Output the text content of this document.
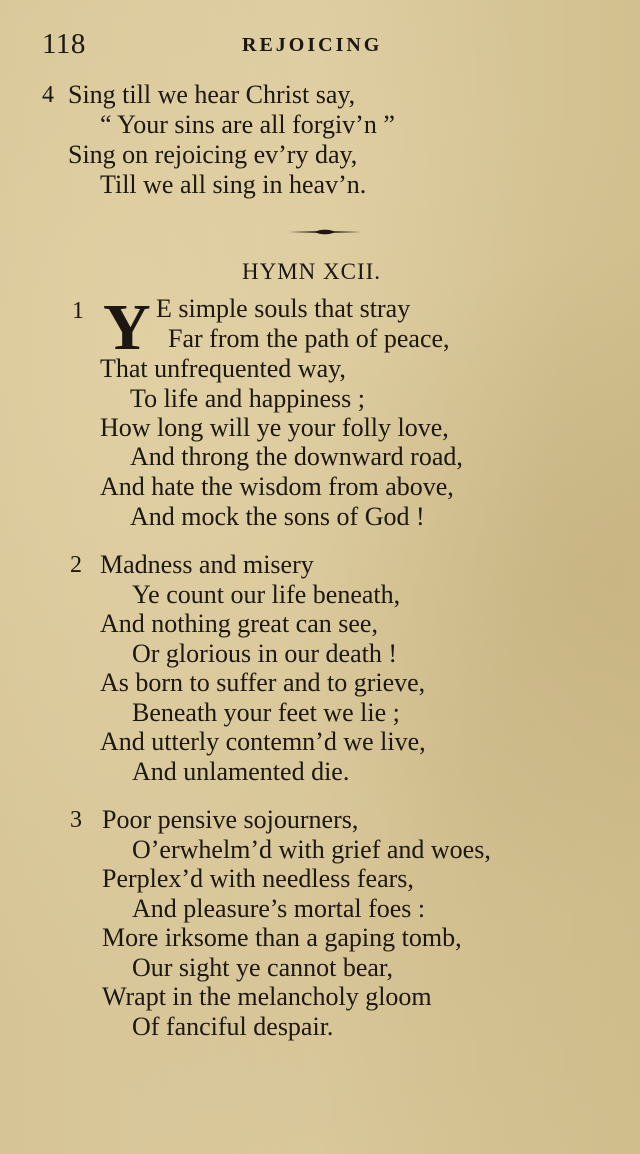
118	REJOICING
4 Sing till we hear Christ say,
“ Your sins are all forgiv’n ”
Sing on rejoicing ev’ry day,
Till we all sing in heav’n.
HYMN XCII.
1 Y E simple souls that stray
Far from the path of peace,
That unfrequented way,
To life and happiness ;
How long will ye your folly love,
And throng the downward road,
And hate the wisdom from above,
And mock the sons of God !
2 Madness and misery
Ye count our life beneath,
And nothing great can see,
Or glorious in our death !
As born to suffer and to grieve,
Beneath your feet we lie ;
And utterly contemn’d we live,
And unlamented die.
3 Poor pensive sojourners,
O’erwhelm’d with grief and woes,
Perplex’d with needless fears,
And pleasure’s mortal foes :
More irksome than a gaping tomb,
Our sight ye cannot bear,
Wrapt in the melancholy gloom
Of fanciful despair.
